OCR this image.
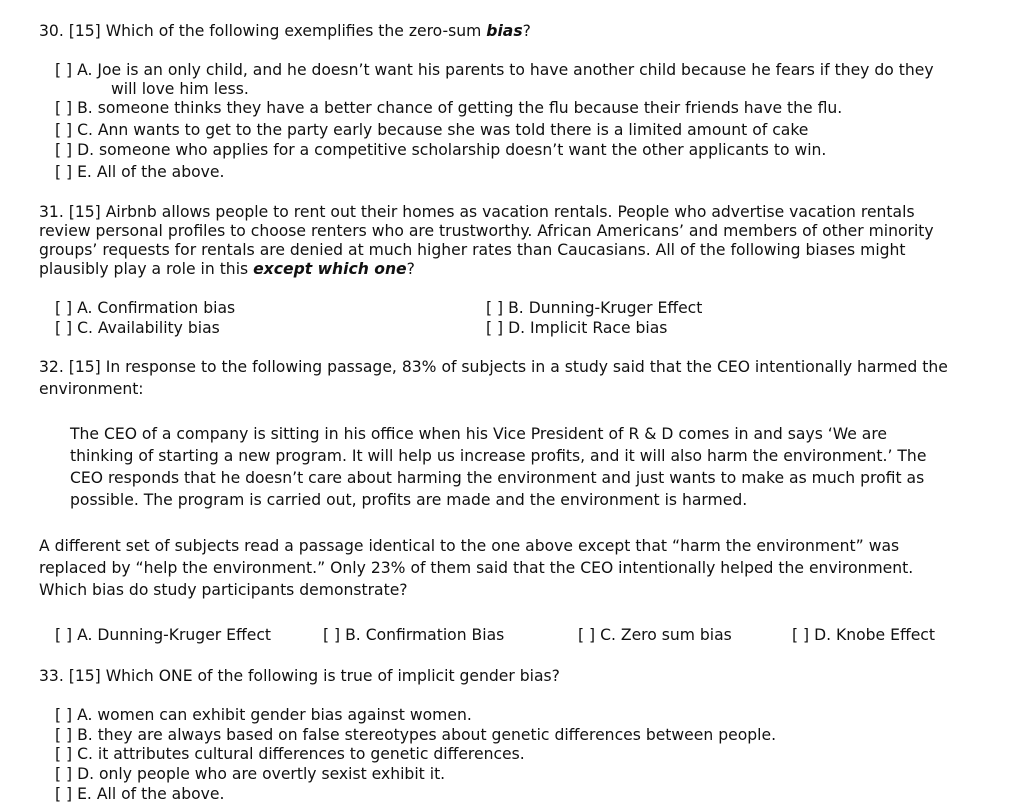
30. [15] Which of the following exemplifies the zero-sum bias?
[ ] A. Joe is an only child, and he doesn’t want his parents to have another child because he fears if they do they
will love him less.
[ ] B. someone thinks they have a better chance of getting the flu because their friends have the flu.
[ ] C. Ann wants to get to the party early because she was told there is a limited amount of cake
[ ] D. someone who applies for a competitive scholarship doesn’t want the other applicants to win.
[ ] E. All of the above.
31. [15] Airbnb allows people to rent out their homes as vacation rentals. People who advertise vacation rentals
review personal profiles to choose renters who are trustworthy. African Americans’ and members of other minority
groups’ requests for rentals are denied at much higher rates than Caucasians. All of the following biases might
plausibly play a role in this except which one?
[ ] A. Confirmation bias	[ ] B. Dunning-Kruger Effect
[ ] C. Availability bias	[ ] D. Implicit Race bias
32. [15] In response to the following passage, 83% of subjects in a study said that the CEO intentionally harmed the
environment:
The CEO of a company is sitting in his office when his Vice President of R & D comes in and says ‘We are
thinking of starting a new program. It will help us increase profits, and it will also harm the environment.’ The
CEO responds that he doesn’t care about harming the environment and just wants to make as much profit as
possible. The program is carried out, profits are made and the environment is harmed.
A different set of subjects read a passage identical to the one above except that “harm the environment” was
replaced by “help the environment.” Only 23% of them said that the CEO intentionally helped the environment.
Which bias do study participants demonstrate?
[ ] A. Dunning-Kruger Effect	[ ] B. Confirmation Bias	[ ] C. Zero sum bias	[ ] D. Knobe Effect
33. [15] Which ONE of the following is true of implicit gender bias?
[ ] A. women can exhibit gender bias against women.
[ ] B. they are always based on false stereotypes about genetic differences between people.
[ ] C. it attributes cultural differences to genetic differences.
[ ] D. only people who are overtly sexist exhibit it.
[ ] E. All of the above.
